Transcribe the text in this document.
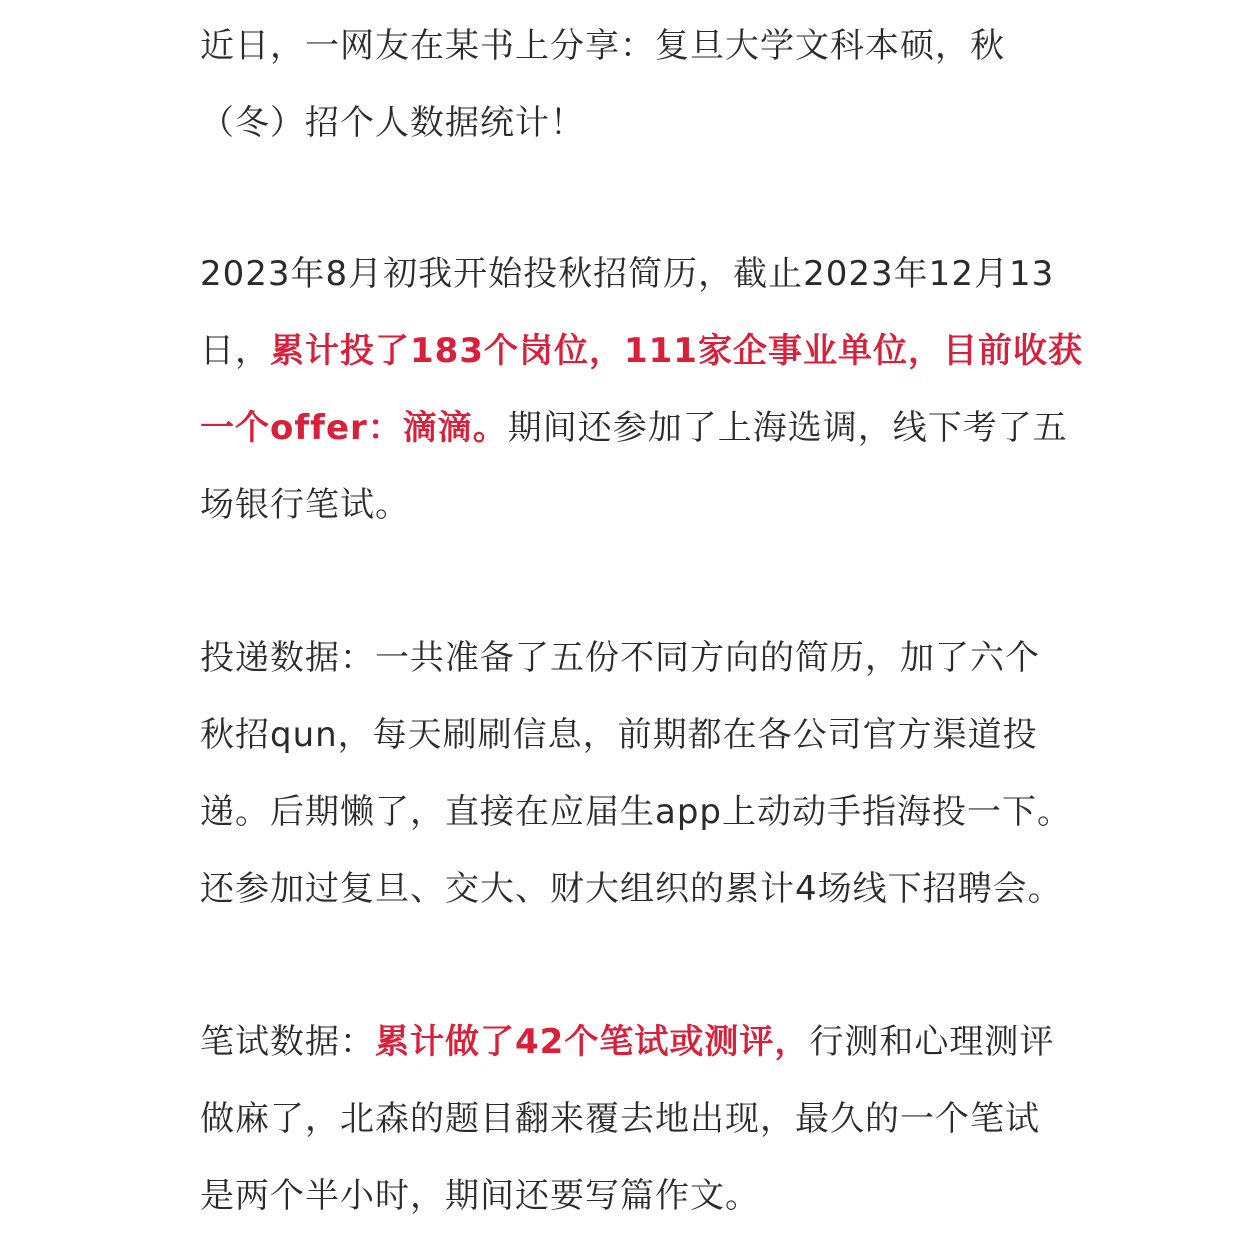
近日，一网友在某书上分享：复旦大学文科本硕，秋
（冬）招个人数据统计！

2023年8月初我开始投秋招简历，截止2023年12月13
日，累计投了183个岗位，111家企事业单位，目前收获
一个offer：滴滴。期间还参加了上海选调，线下考了五
场银行笔试。

投递数据：一共准备了五份不同方向的简历，加了六个
秋招qun，每天刷刷信息，前期都在各公司官方渠道投
递。后期懒了，直接在应届生app上动动手指海投一下。
还参加过复旦、交大、财大组织的累计4场线下招聘会。

笔试数据：累计做了42个笔试或测评，行测和心理测评
做麻了，北森的题目翻来覆去地出现，最久的一个笔试
是两个半小时，期间还要写篇作文。
